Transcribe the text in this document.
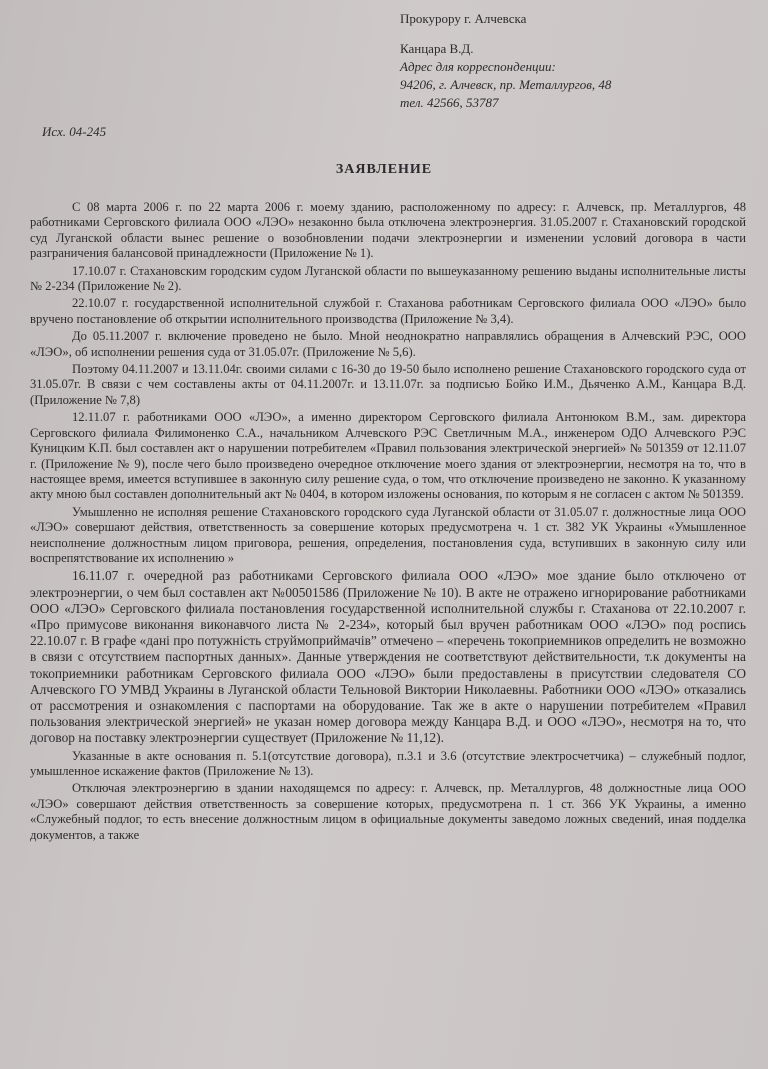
Прокурору г. Алчевска
Канцара В.Д.
Адрес для корреспонденции:
94206, г. Алчевск, пр. Металлургов, 48
тел. 42566, 53787
Исх. 04-245
ЗАЯВЛЕНИЕ

С 08 марта 2006 г. по 22 марта 2006 г. моему зданию, расположенному по адресу: г. Алчевск, пр. Металлургов, 48 работниками Серговского филиала ООО «ЛЭО» незаконно была отключена электроэнергия. 31.05.2007 г. Стахановский городской суд Луганской области вынес решение о возобновлении подачи электроэнергии и изменении условий договора в части разграничения балансовой принадлежности (Приложение № 1).

17.10.07 г. Стахановским городским судом Луганской области по вышеуказанному решению выданы исполнительные листы № 2-234 (Приложение № 2).

22.10.07 г. государственной исполнительной службой г. Стаханова работникам Серговского филиала ООО «ЛЭО» было вручено постановление об открытии исполнительного производства (Приложение № 3,4).

До 05.11.2007 г. включение проведено не было. Мной неоднократно направлялись обращения в Алчевский РЭС, ООО «ЛЭО», об исполнении решения суда от 31.05.07г. (Приложение № 5,6).

Поэтому 04.11.2007 и 13.11.04г. своими силами с 16-30 до 19-50 было исполнено решение Стахановского городского суда от 31.05.07г. В связи с чем составлены акты от 04.11.2007г. и 13.11.07г. за подписью Бойко И.М., Дьяченко А.М., Канцара В.Д. (Приложение № 7,8)

12.11.07 г. работниками ООО «ЛЭО», а именно директором Серговского филиала Антонюком В.М., зам. директора Серговского филиала Филимоненко С.А., начальником Алчевского РЭС Светличным М.А., инженером ОДО Алчевского РЭС Куницким К.П. был составлен акт о нарушении потребителем «Правил пользования электрической энергией» № 501359 от 12.11.07 г. (Приложение № 9), после чего было произведено очередное отключение моего здания от электроэнергии, несмотря на то, что в настоящее время, имеется вступившее в законную силу решение суда, о том, что отключение произведено не законно. К указанному акту мною был составлен дополнительный акт № 0404, в котором изложены основания, по которым я не согласен с актом № 501359.

Умышленно не исполняя решение Стахановского городского суда Луганской области от 31.05.07 г. должностные лица ООО «ЛЭО» совершают действия, ответственность за совершение которых предусмотрена ч. 1 ст. 382 УК Украины «Умышленное неисполнение должностным лицом приговора, решения, определения, постановления суда, вступивших в законную силу или воспрепятствование их исполнению »

16.11.07 г. очередной раз работниками Серговского филиала ООО «ЛЭО» мое здание было отключено от электроэнергии, о чем был составлен акт №00501586 (Приложение № 10). В акте не отражено игнорирование работниками ООО «ЛЭО» Серговского филиала постановления государственной исполнительной службы г. Стаханова от 22.10.2007 г. «Про примусове виконання виконавчого листа № 2-234», который был вручен работникам ООО «ЛЭО» под роспись 22.10.07 г. В графе «дані про потужність струймоприймачів” отмечено – «перечень токоприемников определить не возможно в связи с отсутствием паспортных данных». Данные утверждения не соответствуют действительности, т.к документы на токоприемники работникам Серговского филиала ООО «ЛЭО» были предоставлены в присутствии следователя СО Алчевского ГО УМВД Украины в Луганской области Тельновой Виктории Николаевны. Работники ООО «ЛЭО» отказались от рассмотрения и ознакомления с паспортами на оборудование. Так же в акте о нарушении потребителем «Правил пользования электрической энергией» не указан номер договора между Канцара В.Д. и ООО «ЛЭО», несмотря на то, что договор на поставку электроэнергии существует (Приложение № 11,12).

Указанные в акте основания п. 5.1(отсутствие договора), п.3.1 и 3.6 (отсутствие электросчетчика) – служебный подлог, умышленное искажение фактов (Приложение № 13).

Отключая электроэнергию в здании находящемся по адресу: г. Алчевск, пр. Металлургов, 48 должностные лица ООО «ЛЭО» совершают действия ответственность за совершение которых, предусмотрена п. 1 ст. 366 УК Украины, а именно «Служебный подлог, то есть внесение должностным лицом в официальные документы заведомо ложных сведений, иная подделка документов, а также
